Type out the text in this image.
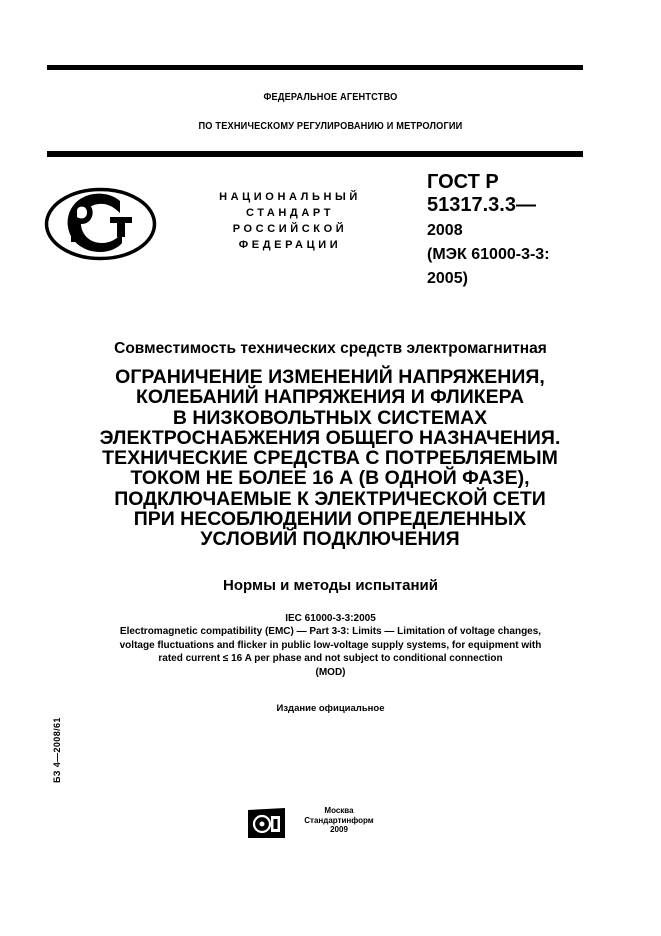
ФЕДЕРАЛЬНОЕ АГЕНТСТВО
ПО ТЕХНИЧЕСКОМУ РЕГУЛИРОВАНИЮ И МЕТРОЛОГИИ
НАЦИОНАЛЬНЫЙ
СТАНДАРТ
РОССИЙСКОЙ
ФЕДЕРАЦИИ
ГОСТ Р
51317.3.3—
2008
(МЭК 61000-3-3:
2005)
Совместимость технических средств электромагнитная
ОГРАНИЧЕНИЕ ИЗМЕНЕНИЙ НАПРЯЖЕНИЯ,
КОЛЕБАНИЙ НАПРЯЖЕНИЯ И ФЛИКЕРА
В НИЗКОВОЛЬТНЫХ СИСТЕМАХ
ЭЛЕКТРОСНАБЖЕНИЯ ОБЩЕГО НАЗНАЧЕНИЯ.
ТЕХНИЧЕСКИЕ СРЕДСТВА С ПОТРЕБЛЯЕМЫМ
ТОКОМ НЕ БОЛЕЕ 16 А (В ОДНОЙ ФАЗЕ),
ПОДКЛЮЧАЕМЫЕ К ЭЛЕКТРИЧЕСКОЙ СЕТИ
ПРИ НЕСОБЛЮДЕНИИ ОПРЕДЕЛЕННЫХ
УСЛОВИЙ ПОДКЛЮЧЕНИЯ
Нормы и методы испытаний
IEC 61000-3-3:2005
Electromagnetic compatibility (EMC) — Part 3-3: Limits — Limitation of voltage changes,
voltage fluctuations and flicker in public low-voltage supply systems, for equipment with
rated current ≤ 16 A per phase and not subject to conditional connection
(MOD)
Издание официальное
БЗ 4—2008/61
Москва
Стандартинформ
2009
